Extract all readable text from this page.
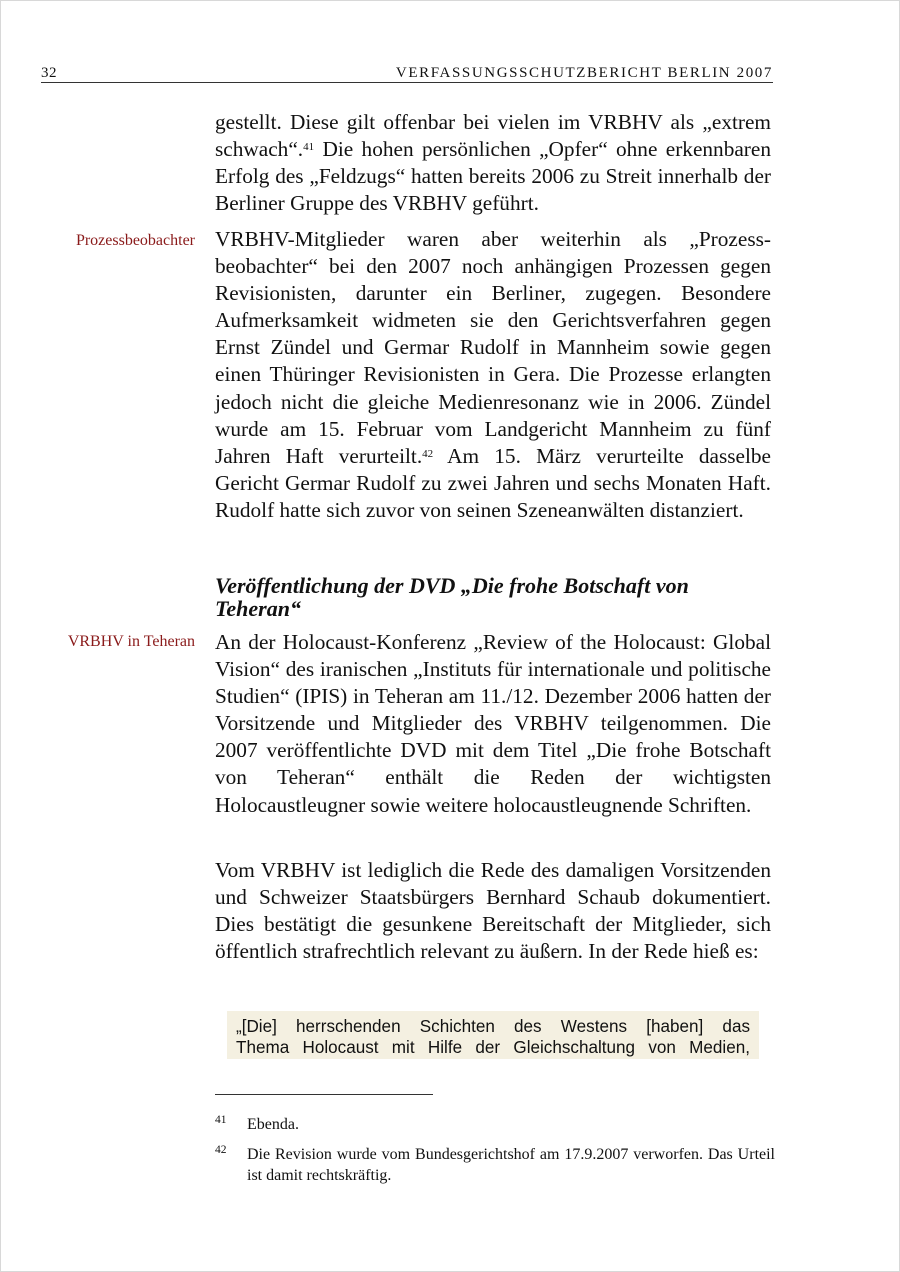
32	VERFASSUNGSSCHUTZBERICHT BERLIN 2007

gestellt. Diese gilt offenbar bei vielen im VRBHV als „extrem schwach“.$^{41}$ Die hohen persönlichen „Opfer“ ohne erkennbaren Erfolg des „Feldzugs“ hatten bereits 2006 zu Streit innerhalb der Berliner Gruppe des VRBHV geführt.

Prozessbeobachter VRBHV-Mitglieder waren aber weiterhin als „Prozessbeobachter“ bei den 2007 noch anhängigen Prozessen gegen Revisionisten, darunter ein Berliner, zugegen. Besondere Aufmerksamkeit widmeten sie den Gerichtsverfahren gegen Ernst Zündel und Germar Rudolf in Mannheim sowie gegen einen Thüringer Revisionisten in Gera. Die Prozesse erlangten jedoch nicht die gleiche Medienresonanz wie in 2006. Zündel wurde am 15. Februar vom Landgericht Mannheim zu fünf Jahren Haft verurteilt.$^{42}$ Am 15. März verurteilte dasselbe Gericht Germar Rudolf zu zwei Jahren und sechs Monaten Haft. Rudolf hatte sich zuvor von seinen Szeneanwälten distanziert.

Veröffentlichung der DVD „Die frohe Botschaft von Teheran“
VRBHV in Teheran An der Holocaust-Konferenz „Review of the Holocaust: Global Vision“ des iranischen „Instituts für internationale und politische Studien“ (IPIS) in Teheran am 11./12. Dezember 2006 hatten der Vorsitzende und Mitglieder des VRBHV teilgenommen. Die 2007 veröffentlichte DVD mit dem Titel „Die frohe Botschaft von Teheran“ enthält die Reden der wichtigsten Holocaustleugner sowie weitere holocaustleugnende Schriften.

Vom VRBHV ist lediglich die Rede des damaligen Vorsitzenden und Schweizer Staatsbürgers Bernhard Schaub dokumentiert. Dies bestätigt die gesunkene Bereitschaft der Mitglieder, sich öffentlich strafrechtlich relevant zu äußern. In der Rede hieß es:

„[Die] herrschenden Schichten des Westens [haben] das
Thema Holocaust mit Hilfe der Gleichschaltung von Medien,
41 Ebenda.
42 Die Revision wurde vom Bundesgerichtshof am 17.9.2007 verworfen. Das Urteil ist damit rechtskräftig.
